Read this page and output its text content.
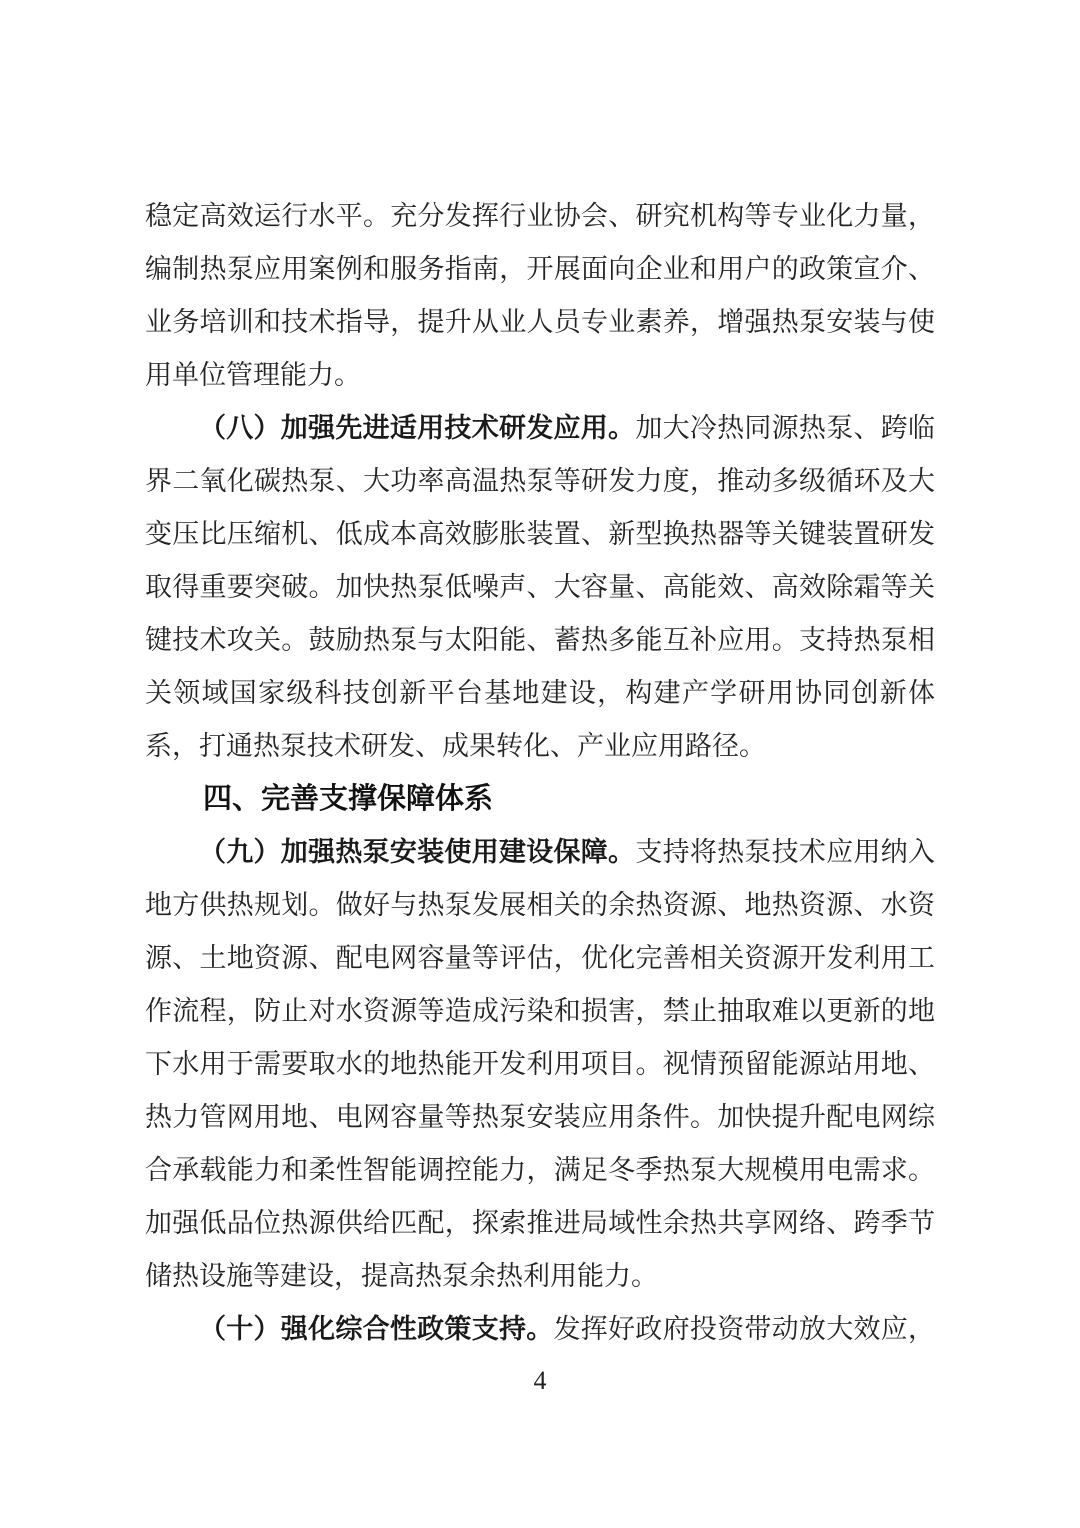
稳定高效运行水平。充分发挥行业协会、研究机构等专业化力量，
编制热泵应用案例和服务指南，开展面向企业和用户的政策宣介、
业务培训和技术指导，提升从业人员专业素养，增强热泵安装与使
用单位管理能力。
（八）加强先进适用技术研发应用。加大冷热同源热泵、跨临
界二氧化碳热泵、大功率高温热泵等研发力度，推动多级循环及大
变压比压缩机、低成本高效膨胀装置、新型换热器等关键装置研发
取得重要突破。加快热泵低噪声、大容量、高能效、高效除霜等关
键技术攻关。鼓励热泵与太阳能、蓄热多能互补应用。支持热泵相
关领域国家级科技创新平台基地建设，构建产学研用协同创新体
系，打通热泵技术研发、成果转化、产业应用路径。
四、完善支撑保障体系
（九）加强热泵安装使用建设保障。支持将热泵技术应用纳入
地方供热规划。做好与热泵发展相关的余热资源、地热资源、水资
源、土地资源、配电网容量等评估，优化完善相关资源开发利用工
作流程，防止对水资源等造成污染和损害，禁止抽取难以更新的地
下水用于需要取水的地热能开发利用项目。视情预留能源站用地、
热力管网用地、电网容量等热泵安装应用条件。加快提升配电网综
合承载能力和柔性智能调控能力，满足冬季热泵大规模用电需求。
加强低品位热源供给匹配，探索推进局域性余热共享网络、跨季节
储热设施等建设，提高热泵余热利用能力。
（十）强化综合性政策支持。发挥好政府投资带动放大效应，
4
